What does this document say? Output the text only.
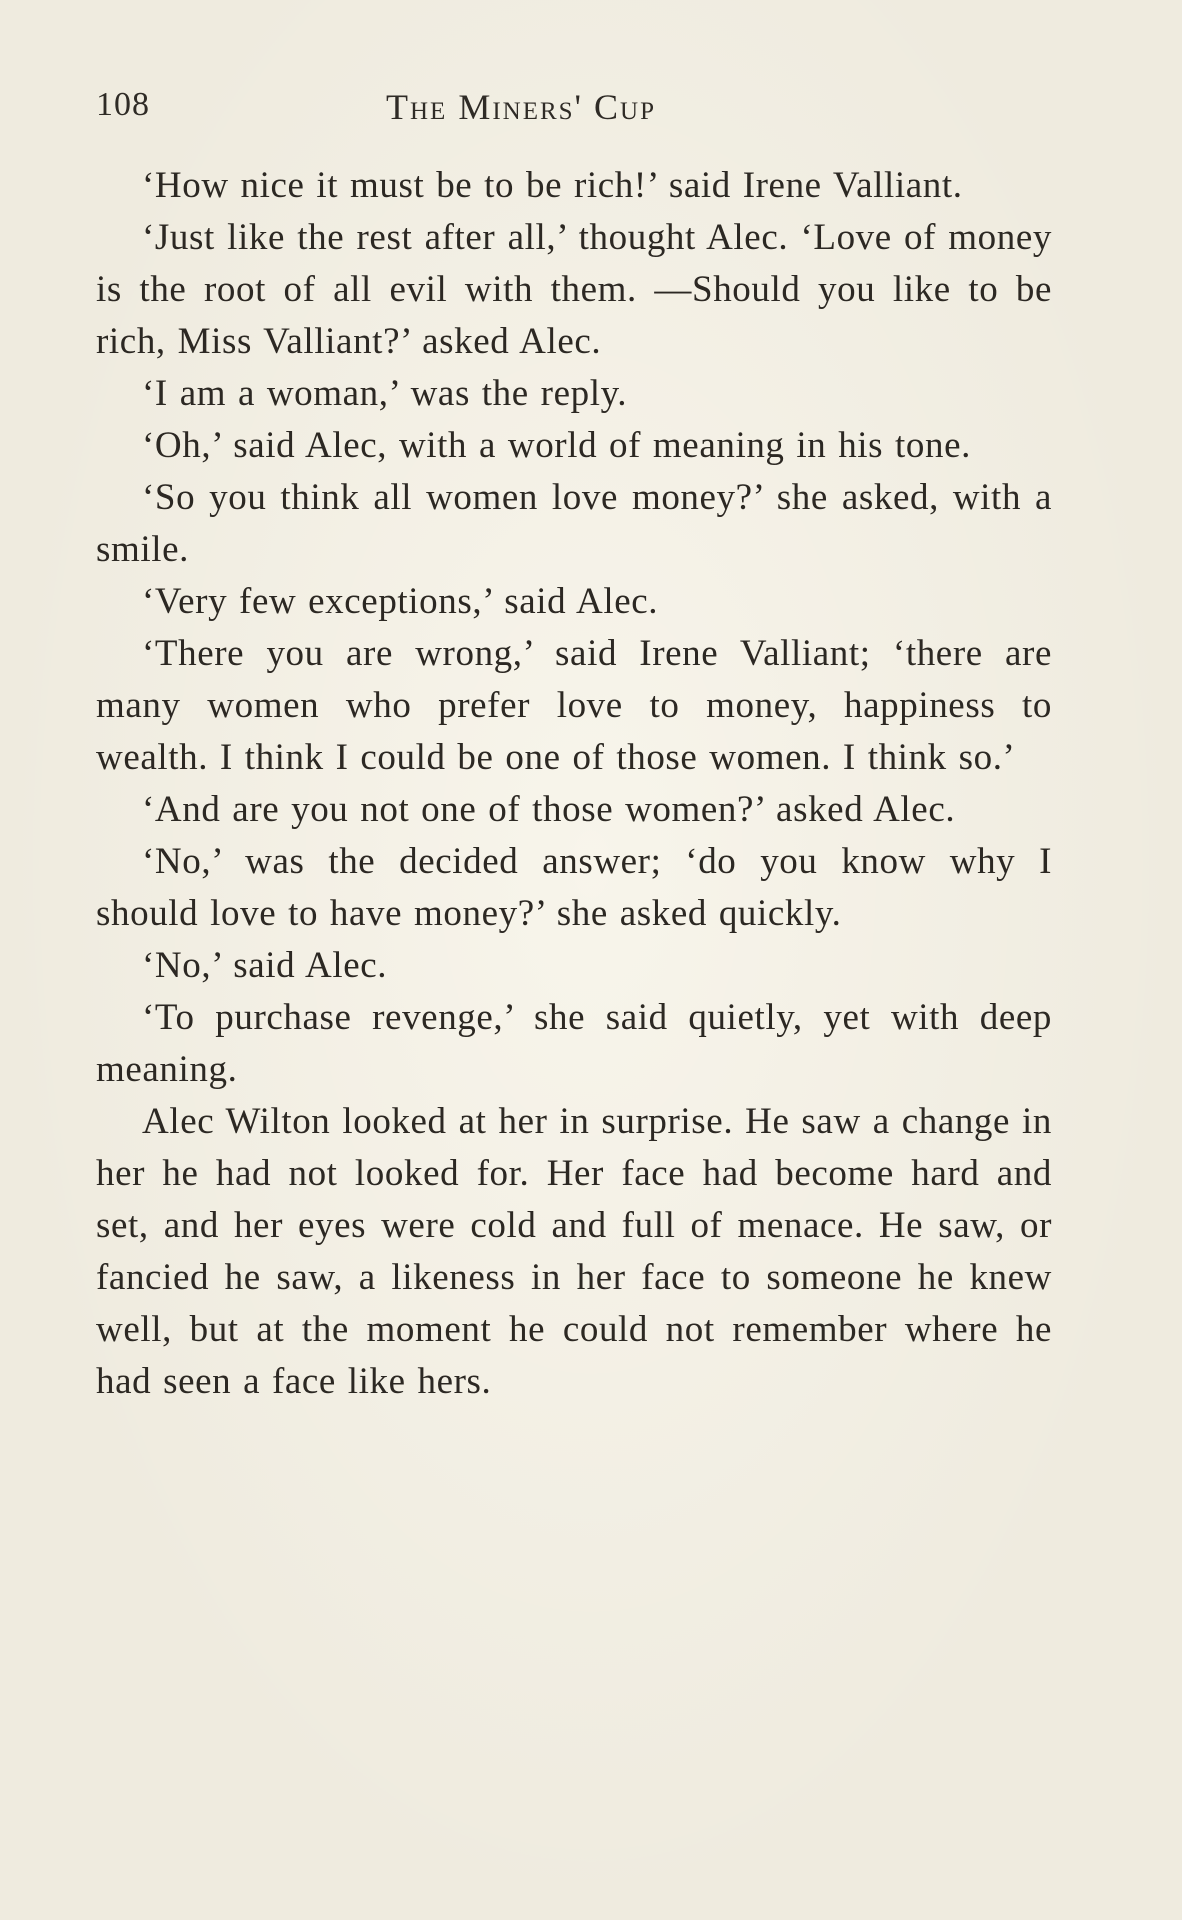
108	The Miners' Cup

‘How nice it must be to be rich!’ said Irene Valliant.

‘Just like the rest after all,’ thought Alec. ‘Love of money is the root of all evil with them. —Should you like to be rich, Miss Valliant?’ asked Alec.

‘I am a woman,’ was the reply.

‘Oh,’ said Alec, with a world of meaning in his tone.

‘So you think all women love money?’ she asked, with a smile.

‘Very few exceptions,’ said Alec.

‘There you are wrong,’ said Irene Valliant; ‘there are many women who prefer love to money, happiness to wealth. I think I could be one of those women. I think so.’

‘And are you not one of those women?’ asked Alec.

‘No,’ was the decided answer; ‘do you know why I should love to have money?’ she asked quickly.

‘No,’ said Alec.

‘To purchase revenge,’ she said quietly, yet with deep meaning.

Alec Wilton looked at her in surprise. He saw a change in her he had not looked for. Her face had become hard and set, and her eyes were cold and full of menace. He saw, or fancied he saw, a likeness in her face to someone he knew well, but at the moment he could not remember where he had seen a face like hers.
